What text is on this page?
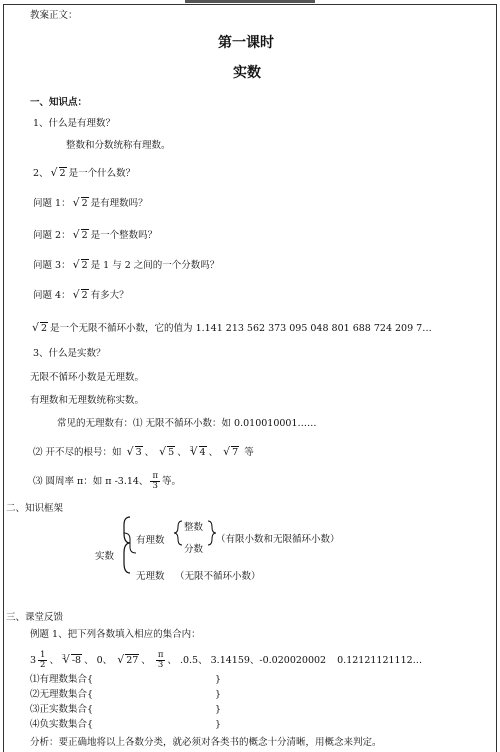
教案正文：
第一课时
实数
一、知识点：
1、什么是有理数？
整数和分数统称有理数。
2、 √ 2 是一个什么数？
问题 1： √ 2 是有理数吗？
问题 2： √ 2 是一个整数吗？
问题 3： √ 2 是 1 与 2 之间的一个分数吗？
问题 4： √ 2 有多大？
√ 2 是一个无限不循环小数，它的值为 1.141 213 562 373 095 048 801 688 724 209 7…
3、什么是实数？
无限不循环小数是无理数。
有理数和无理数统称实数。
常见的无理数有：⑴ 无限不循环小数：如 0.010010001……
⑵ 开不尽的根号：如 √ 3 、 √ 5 、 $^3$ √ 4 、 √ 7 等
⑶ 圆周率 π：如 π -3.14、 $\frac{\pi}{3}$ 等。
二、知识框架
实数
有理数
整数
分数
（有限小数和无限循环小数）
无理数 （无限不循环小数）
三、课堂反馈
例题 1、把下列各数填入相应的集合内：
$3 \frac{1}{2}$ 、 $^3$ √ -8 、 0、 √ 27 、 $\frac{\pi}{3}$ 、 .0.5、 3.14159、-0.020020002 0.12121121112…
⑴有理数集合{	}
⑵无理数集合{	}
⑶正实数集合{	}
⑷负实数集合{	}
分析：要正确地将以上各数分类，就必须对各类书的概念十分清晰，用概念来判定。
